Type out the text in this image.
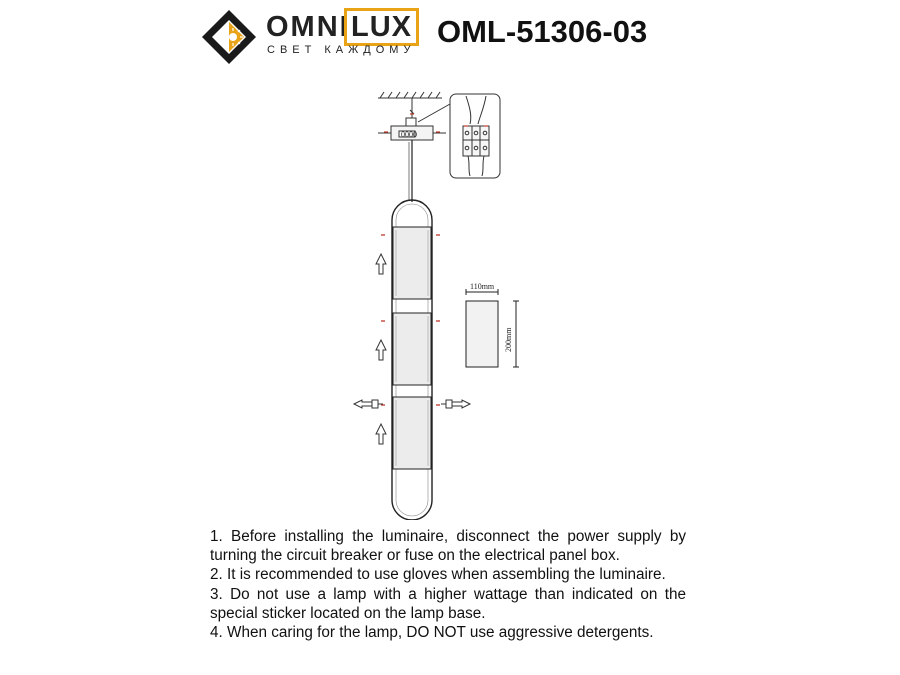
OMNI LUX
СВЕТ КАЖДОМУ
OML-51306-03
0000
110mm
200mm

1. Before installing the luminaire, disconnect the power supply by turning the circuit breaker or fuse on the electrical panel box.

2. It is recommended to use gloves when assembling the luminaire.

3. Do not use a lamp with a higher wattage than indicated on the special sticker located on the lamp base.

4. When caring for the lamp, DO NOT use aggressive detergents.
